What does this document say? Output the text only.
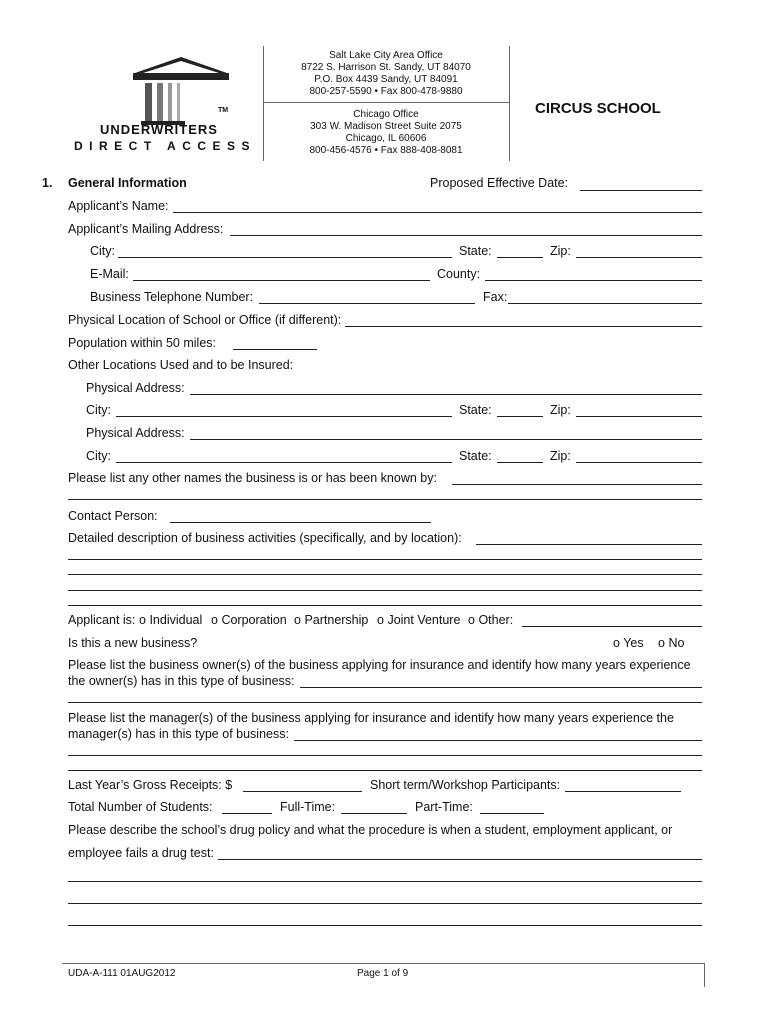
TM
UNDERWRITERS
DIRECT ACCESS
Salt Lake City Area Office
8722 S. Harrison St. Sandy, UT 84070
P.O. Box 4439 Sandy, UT 84091
800-257-5590 • Fax 800-478-9880
Chicago Office
303 W. Madison Street Suite 2075
Chicago, IL 60606
800-456-4576 • Fax 888-408-8081
CIRCUS SCHOOL
1. General Information	Proposed Effective Date:
Applicant’s Name:
Applicant’s Mailing Address:
City:	State:	Zip:
E-Mail:	County:
Business Telephone Number:	Fax:
Physical Location of School or Office (if different):
Population within 50 miles:
Other Locations Used and to be Insured:
Physical Address:
City:	State:	Zip:
Physical Address:
City:	State:	Zip:
Please list any other names the business is or has been known by:
Contact Person:
Detailed description of business activities (specifically, and by location):
Applicant is: o Individual o Corporation o Partnership o Joint Venture o Other:
Is this a new business?	o Yes o No
Please list the business owner(s) of the business applying for insurance and identify how many years experience
the owner(s) has in this type of business:
Please list the manager(s) of the business applying for insurance and identify how many years experience the
manager(s) has in this type of business:
Last Year’s Gross Receipts: $	Short term/Workshop Participants:
Total Number of Students:	Full-Time:	Part-Time:
Please describe the school’s drug policy and what the procedure is when a student, employment applicant, or
employee fails a drug test:
UDA-A-111 01AUG2012	Page 1 of 9
